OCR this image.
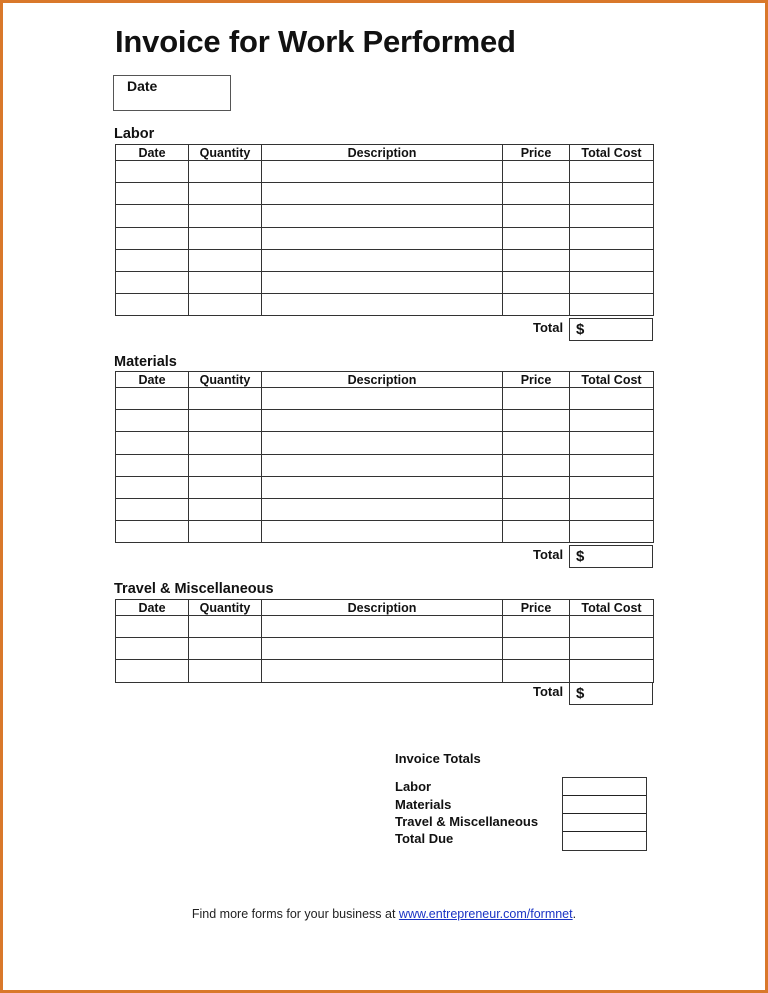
Invoice for Work Performed
Date
Labor
Date	Quantity	Description	Price	Total Cost

Total $
Materials
Date	Quantity	Description	Price	Total Cost

Total $
Travel & Miscellaneous
Date	Quantity	Description	Price	Total Cost

Total $
Invoice Totals
Labor
Materials
Travel & Miscellaneous
Total Due
Find more forms for your business at www.entrepreneur.com/formnet.
